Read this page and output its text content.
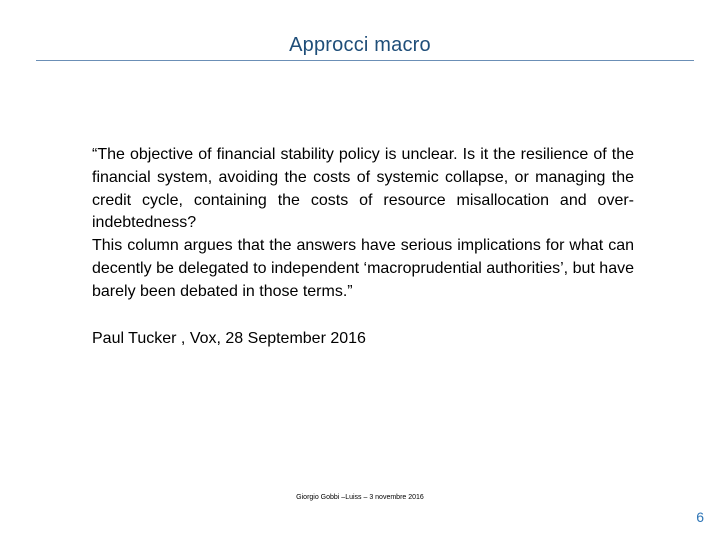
Approcci macro

“The objective of financial stability policy is unclear. Is it the resilience of the financial system, avoiding the costs of systemic collapse, or managing the credit cycle, containing the costs of resource misallocation and over-indebtedness?

This column argues that the answers have serious implications for what can decently be delegated to independent ‘macroprudential authorities’, but have barely been debated in those terms.”

Paul Tucker , Vox, 28 September 2016
Giorgio Gobbi –Luiss – 3 novembre 2016
6
